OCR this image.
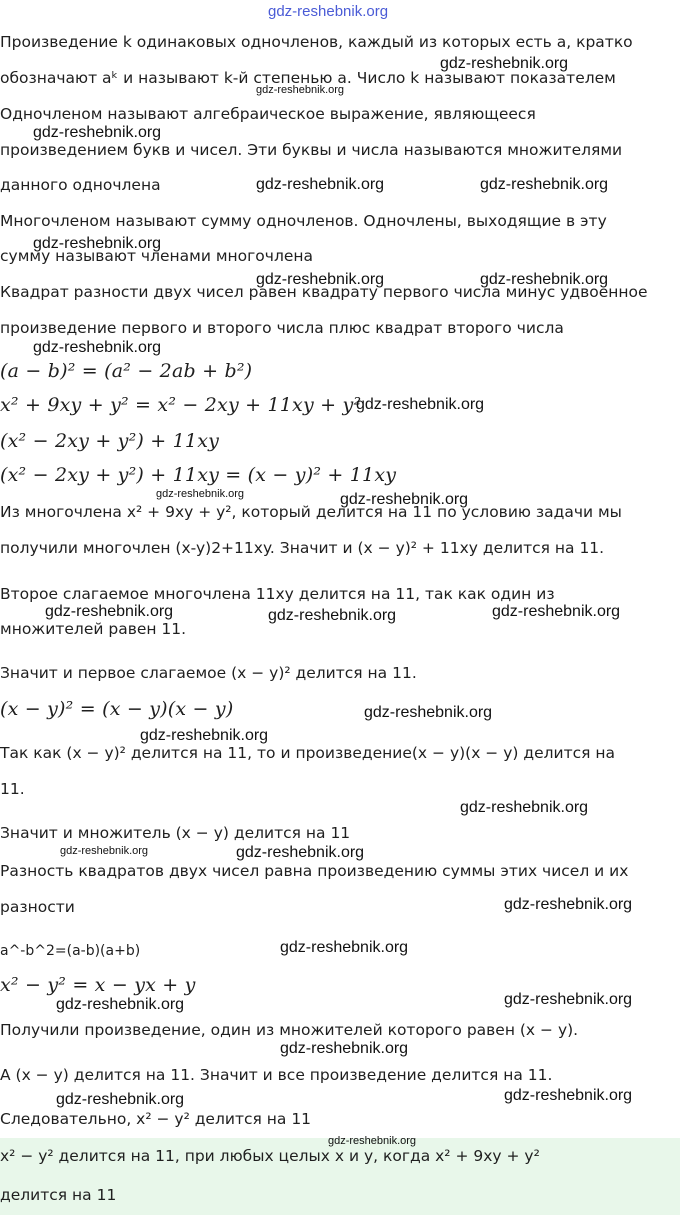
Произведение k одинаковых одночленов, каждый из которых есть a, кратко
обозначают aᵏ и называют k-й степенью a. Число k называют показателем
Одночленом называют алгебраическое выражение, являющееся
произведением букв и чисел. Эти буквы и числа называются множителями
данного одночлена
Многочленом называют сумму одночленов. Одночлены, выходящие в эту
сумму называют членами многочлена
Квадрат разности двух чисел равен квадрату первого числа минус удвоенное
произведение первого и второго числа плюс квадрат второго числа
(a − b)² = (a² − 2ab + b²)
x² + 9xy + y² = x² − 2xy + 11xy + y²
(x² − 2xy + y²) + 11xy
(x² − 2xy + y²) + 11xy = (x − y)² + 11xy
Из многочлена x² + 9xy + y², который делится на 11 по условию задачи мы
получили многочлен (x-y)2+11xy. Значит и (x − y)² + 11xy делится на 11.
Второе слагаемое многочлена 11xy делится на 11, так как один из
множителей равен 11.
Значит и первое слагаемое (x − y)² делится на 11.
(x − y)² = (x − y)(x − y)
Так как (x − y)² делится на 11, то и произведение(x − y)(x − y) делится на
11.
Значит и множитель (x − y) делится на 11
Разность квадратов двух чисел равна произведению суммы этих чисел и их
разности
a^-b^2=(a-b)(a+b)
x² − y² = x − yx + y
Получили произведение, один из множителей которого равен (x − y).
А (x − y) делится на 11. Значит и все произведение делится на 11.
Следовательно, x² − y² делится на 11
x² − y² делится на 11, при любых целых x и y, когда x² + 9xy + y²
делится на 11
gdz-reshebnik.org
gdz-reshebnik.org
gdz-reshebnik.org
gdz-reshebnik.org
gdz-reshebnik.org	gdz-reshebnik.org
gdz-reshebnik.org
gdz-reshebnik.org	gdz-reshebnik.org
gdz-reshebnik.org
gdz-reshebnik.org
gdz-reshebnik.org	gdz-reshebnik.org
gdz-reshebnik.org	gdz-reshebnik.org
gdz-reshebnik.org
gdz-reshebnik.org
gdz-reshebnik.org
gdz-reshebnik.org
gdz-reshebnik.org	gdz-reshebnik.org
gdz-reshebnik.org
gdz-reshebnik.org
gdz-reshebnik.org	gdz-reshebnik.org
gdz-reshebnik.org
gdz-reshebnik.org	gdz-reshebnik.org
gdz-reshebnik.org
